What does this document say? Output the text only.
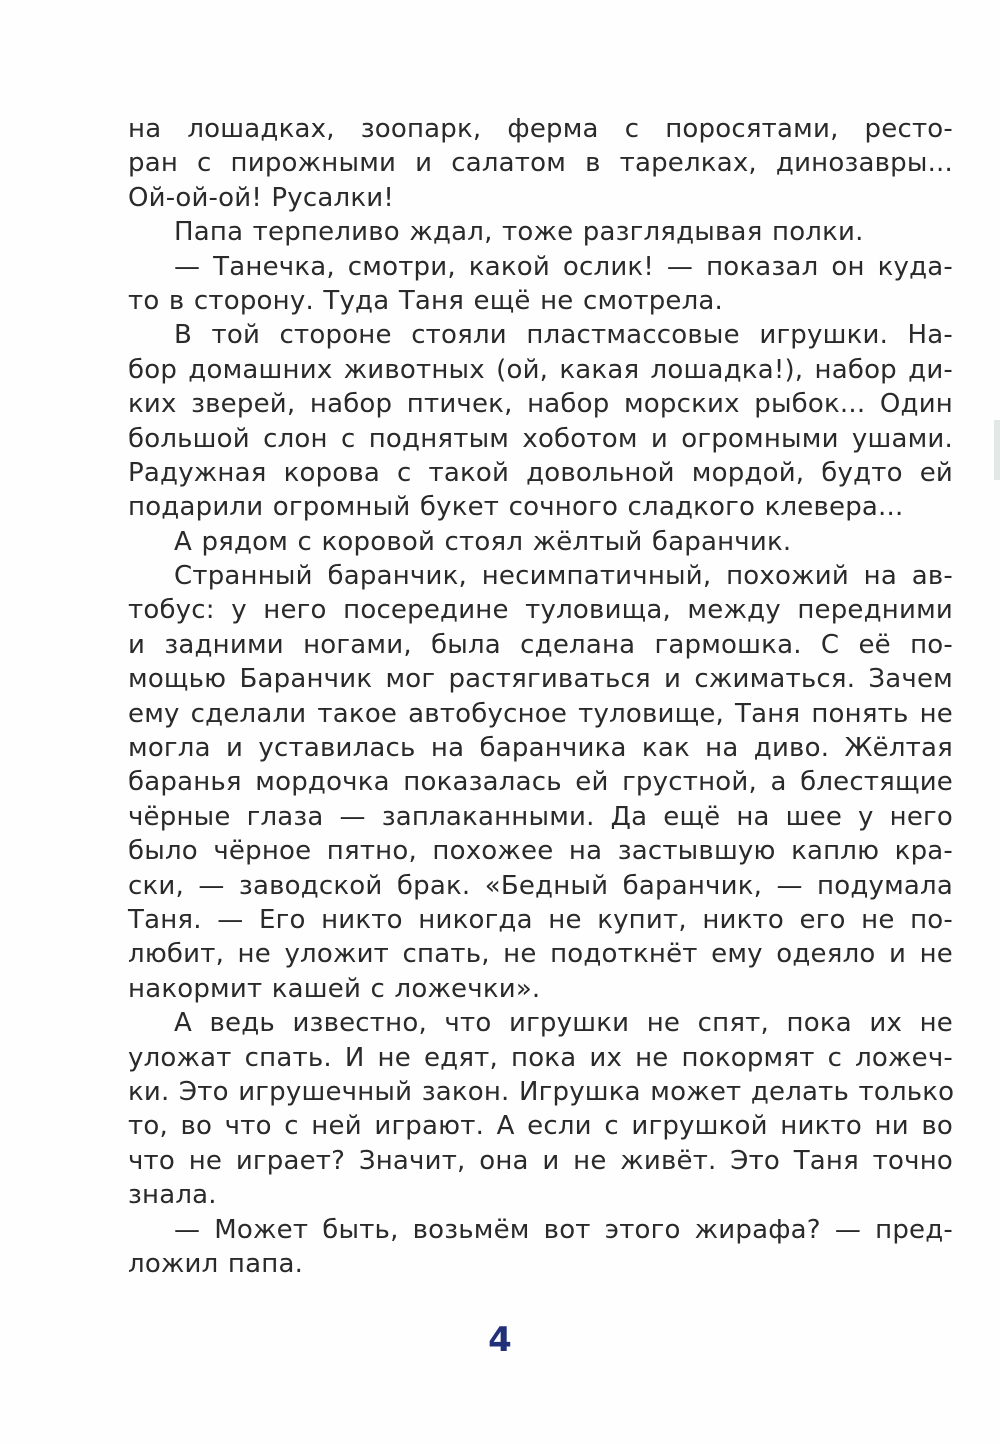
на лошадках, зоопарк, ферма с поросятами, ресто-
ран с пирожными и салатом в тарелках, динозавры...
Ой-ой-ой! Русалки!
Папа терпеливо ждал, тоже разглядывая полки.
— Танечка, смотри, какой ослик! — показал он куда-
то в сторону. Туда Таня ещё не смотрела.
В той стороне стояли пластмассовые игрушки. На-
бор домашних животных (ой, какая лошадка!), набор ди-
ких зверей, набор птичек, набор морских рыбок... Один
большой слон с поднятым хоботом и огромными ушами.
Радужная корова с такой довольной мордой, будто ей
подарили огромный букет сочного сладкого клевера...
А рядом с коровой стоял жёлтый баранчик.
Странный баранчик, несимпатичный, похожий на ав-
тобус: у него посередине туловища, между передними
и задними ногами, была сделана гармошка. С её по-
мощью Баранчик мог растягиваться и сжиматься. Зачем
ему сделали такое автобусное туловище, Таня понять не
могла и уставилась на баранчика как на диво. Жёлтая
баранья мордочка показалась ей грустной, а блестящие
чёрные глаза — заплаканными. Да ещё на шее у него
было чёрное пятно, похожее на застывшую каплю кра-
ски, — заводской брак. «Бедный баранчик, — подумала
Таня. — Его никто никогда не купит, никто его не по-
любит, не уложит спать, не подоткнёт ему одеяло и не
накормит кашей с ложечки».
А ведь известно, что игрушки не спят, пока их не
уложат спать. И не едят, пока их не покормят с ложеч-
ки. Это игрушечный закон. Игрушка может делать только
то, во что с ней играют. А если с игрушкой никто ни во
что не играет? Значит, она и не живёт. Это Таня точно
знала.
— Может быть, возьмём вот этого жирафа? — пред-
ложил папа.
4
